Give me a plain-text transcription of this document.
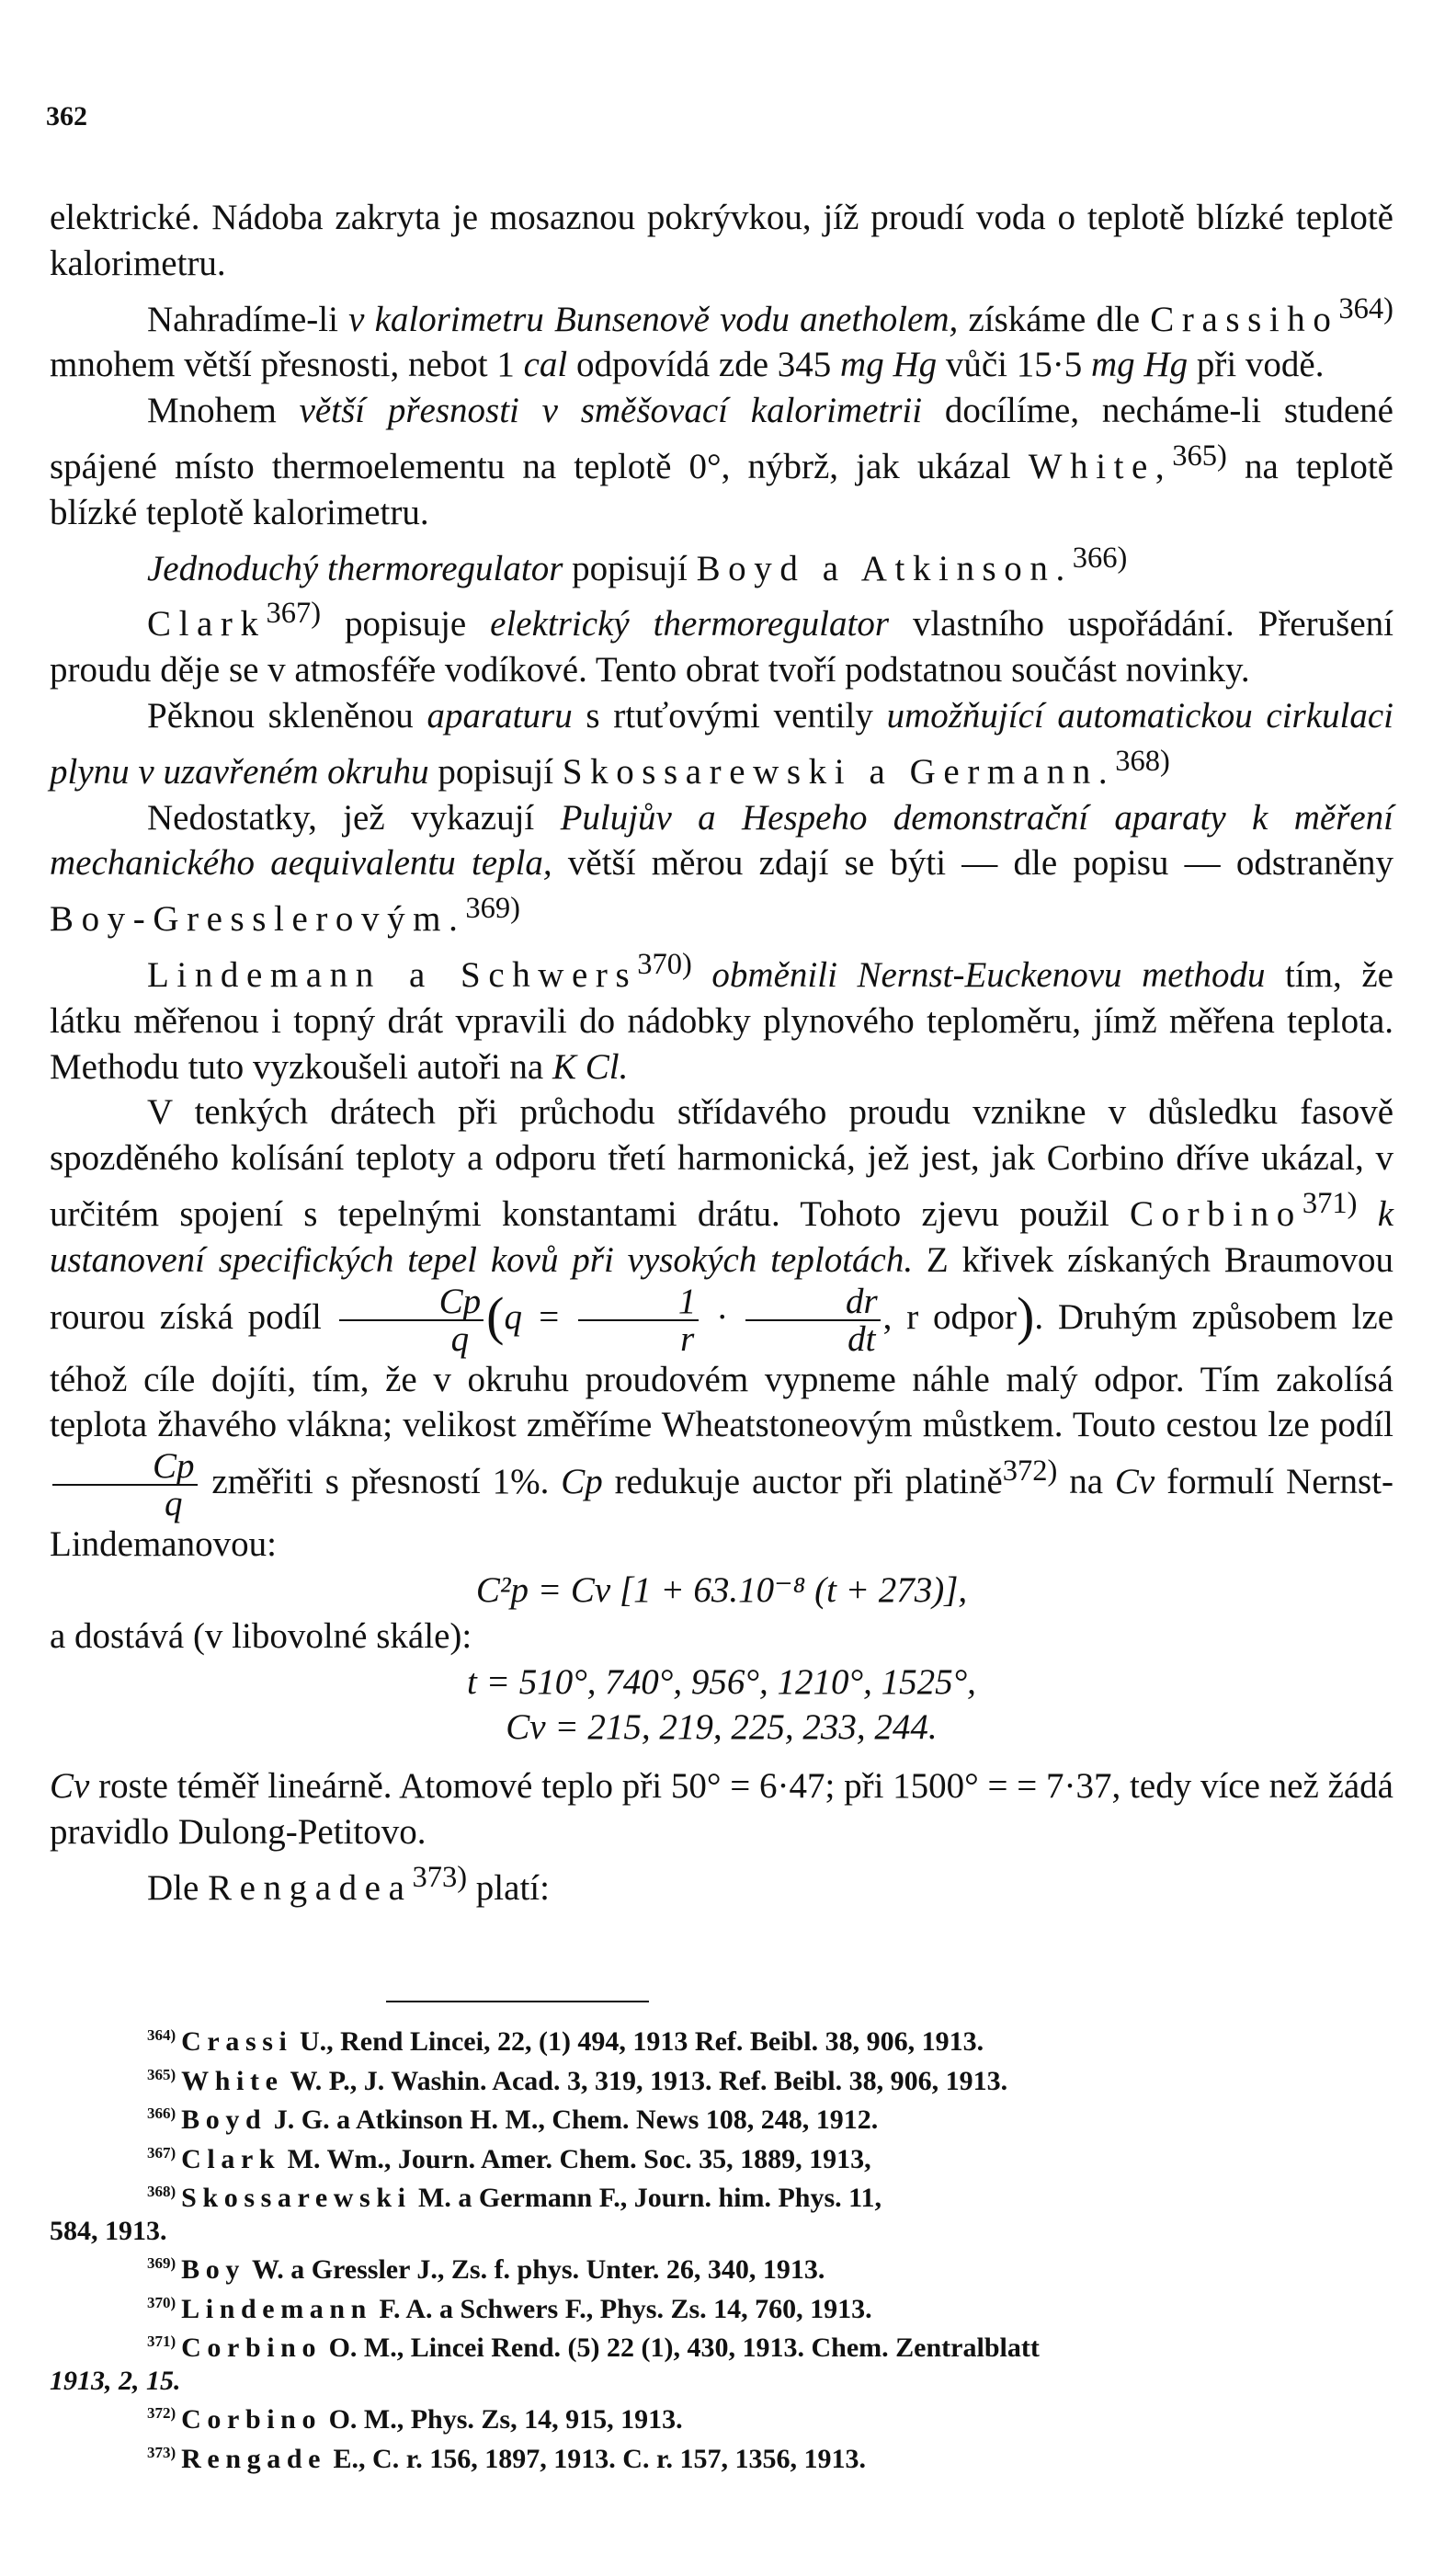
362

elektrické. Nádoba zakryta je mosaznou pokrývkou, jíž proudí voda o teplotě blízké teplotě kalorimetru.

Nahradíme-li v kalorimetru Bunsenově vodu anetholem, získáme dle Crassiho$^{364)}$ mnohem větší přesnosti, nebot 1 cal odpovídá zde 345 mg Hg vůči 15·5 mg Hg při vodě.

Mnohem větší přesnosti v směšovací kalorimetrii docílíme, necháme-li studené spájené místo thermoelementu na teplotě 0°, nýbrž, jak ukázal White,$^{365)}$ na teplotě blízké teplotě kalorimetru.

Jednoduchý thermoregulator popisují Boyd a Atkinson.$^{366)}$

Clark$^{367)}$ popisuje elektrický thermoregulator vlastního uspořádání. Přerušení proudu děje se v atmosféře vodíkové. Tento obrat tvoří podstatnou součást novinky.

Pěknou skleněnou aparaturu s rtuťovými ventily umožňující automatickou cirkulaci plynu v uzavřeném okruhu popisují Skossarewski a Germann.$^{368)}$

Nedostatky, jež vykazují Pulujův a Hespeho demonstrační aparaty k měření mechanického aequivalentu tepla, větší měrou zdají se býti — dle popisu — odstraněny Boy-Gresslerovým.$^{369)}$

Lindemann a Schwers$^{370)}$ obměnili Nernst-Euckenovu methodu tím, že látku měřenou i topný drát vpravili do nádobky plynového teploměru, jímž měřena teplota. Methodu tuto vyzkoušeli autoři na K Cl.

V tenkých drátech při průchodu střídavého proudu vznikne v důsledku fasově spozděného kolísání teploty a odporu třetí harmonická, jež jest, jak Corbino dříve ukázal, v určitém spojení s tepelnými konstantami drátu. Tohoto zjevu použil Corbino$^{371)}$ k ustanovení specifických tepel kovů při vysokých teplotách. Z křivek získaných Braumovou rourou získá podíl $\frac{Cp}{q} (q = \frac{1}{r} \cdot \frac{dr}{dt}$ , r odpor). Druhým způsobem lze téhož cíle dojíti, tím, že v okruhu proudovém vypneme náhle malý odpor. Tím zakolísá teplota žhavého vlákna; velikost změříme Wheatstoneovým můstkem. Touto cestou lze podíl
$\frac{Cp}{q}$ změřiti s přesností 1%. Cp redukuje auctor při platině$^{372)}$ na Cv formulí Nernst-Lindemanovou:

C²p = Cv [1 + 63.10⁻⁸ (t + 273)],

a dostává (v libovolné skále):

t = 510°, 740°, 956°, 1210°, 1525°,

Cv = 215, 219, 225, 233, 244.

Cv roste téměř lineárně. Atomové teplo při 50° = 6·47; při 1500° = = 7·37, tedy více než žádá pravidlo Dulong-Petitovo.

Dle Rengadea$^{373)}$ platí:

$^{364)}$ Crassi U., Rend Lincei, 22, (1) 494, 1913 Ref. Beibl. 38, 906, 1913.
$^{365)}$ White W. P., J. Washin. Acad. 3, 319, 1913. Ref. Beibl. 38, 906, 1913.
$^{366)}$ Boyd J. G. a Atkinson H. M., Chem. News 108, 248, 1912.
$^{367)}$ Clark M. Wm., Journ. Amer. Chem. Soc. 35, 1889, 1913,
$^{368)}$ Skossarewski M. a Germann F., Journ. him. Phys. 11,
584, 1913.
$^{369)}$ Boy W. a Gressler J., Zs. f. phys. Unter. 26, 340, 1913.
$^{370)}$ Lindemann F. A. a Schwers F., Phys. Zs. 14, 760, 1913.
$^{371)}$ Corbino O. M., Lincei Rend. (5) 22 (1), 430, 1913. Chem. Zentralblatt
1913, 2, 15.
$^{372)}$ Corbino O. M., Phys. Zs, 14, 915, 1913.
$^{373)}$ Rengade E., C. r. 156, 1897, 1913. C. r. 157, 1356, 1913.
